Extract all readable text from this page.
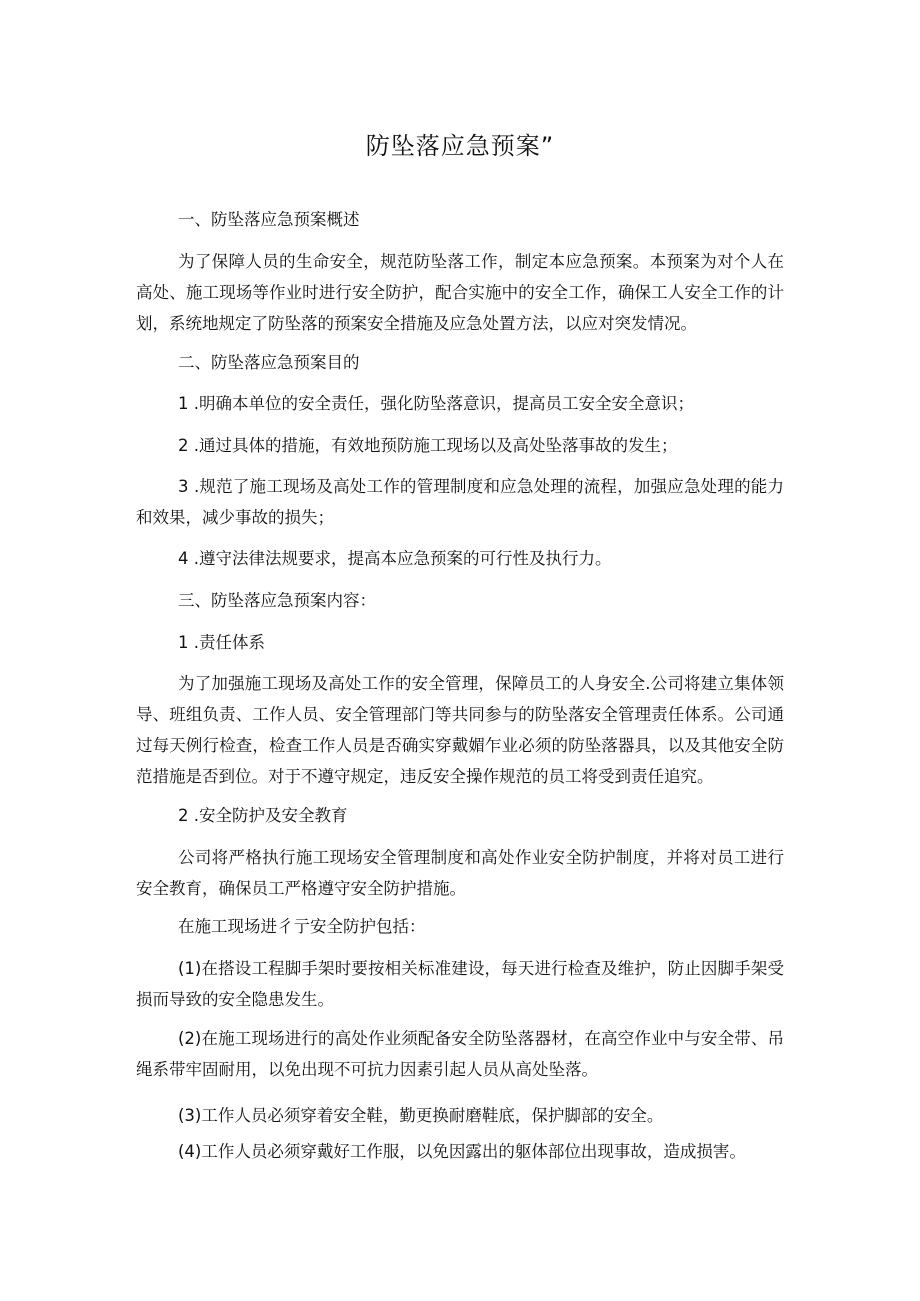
防坠落应急预案”

一、防坠落应急预案概述

为了保障人员的生命安全，规范防坠落工作，制定本应急预案。本预案为对个人在高处、施工现场等作业时进行安全防护，配合实施中的安全工作，确保工人安全工作的计划，系统地规定了防坠落的预案安全措施及应急处置方法，以应对突发情况。

二、防坠落应急预案目的

1 .明确本单位的安全责任，强化防坠落意识，提高员工安全安全意识；

2 .通过具体的措施，有效地预防施工现场以及高处坠落事故的发生；

3 .规范了施工现场及高处工作的管理制度和应急处理的流程，加强应急处理的能力和效果，减少事故的损失；

4 .遵守法律法规要求，提高本应急预案的可行性及执行力。

三、防坠落应急预案内容：

1 .责任体系

为了加强施工现场及高处工作的安全管理，保障员工的人身安全.公司将建立集体领导、班组负责、工作人员、安全管理部门等共同参与的防坠落安全管理责任体系。公司通过每天例行检查，检查工作人员是否确实穿戴媚乍业必须的防坠落器具，以及其他安全防范措施是否到位。对于不遵守规定，违反安全操作规范的员工将受到责任追究。

2 .安全防护及安全教育

公司将严格执行施工现场安全管理制度和高处作业安全防护制度，并将对员工进行安全教育，确保员工严格遵守安全防护措施。

在施工现场进彳亍安全防护包括：

(1)在搭设工程脚手架时要按相关标准建设，每天进行检查及维护，防止因脚手架受损而导致的安全隐患发生。

(2)在施工现场进行的高处作业须配备安全防坠落器材，在高空作业中与安全带、吊绳系带牢固耐用，以免出现不可抗力因素引起人员从高处坠落。

(3)工作人员必须穿着安全鞋，勤更换耐磨鞋底，保护脚部的安全。

(4)工作人员必须穿戴好工作服，以免因露出的躯体部位出现事故，造成损害。
